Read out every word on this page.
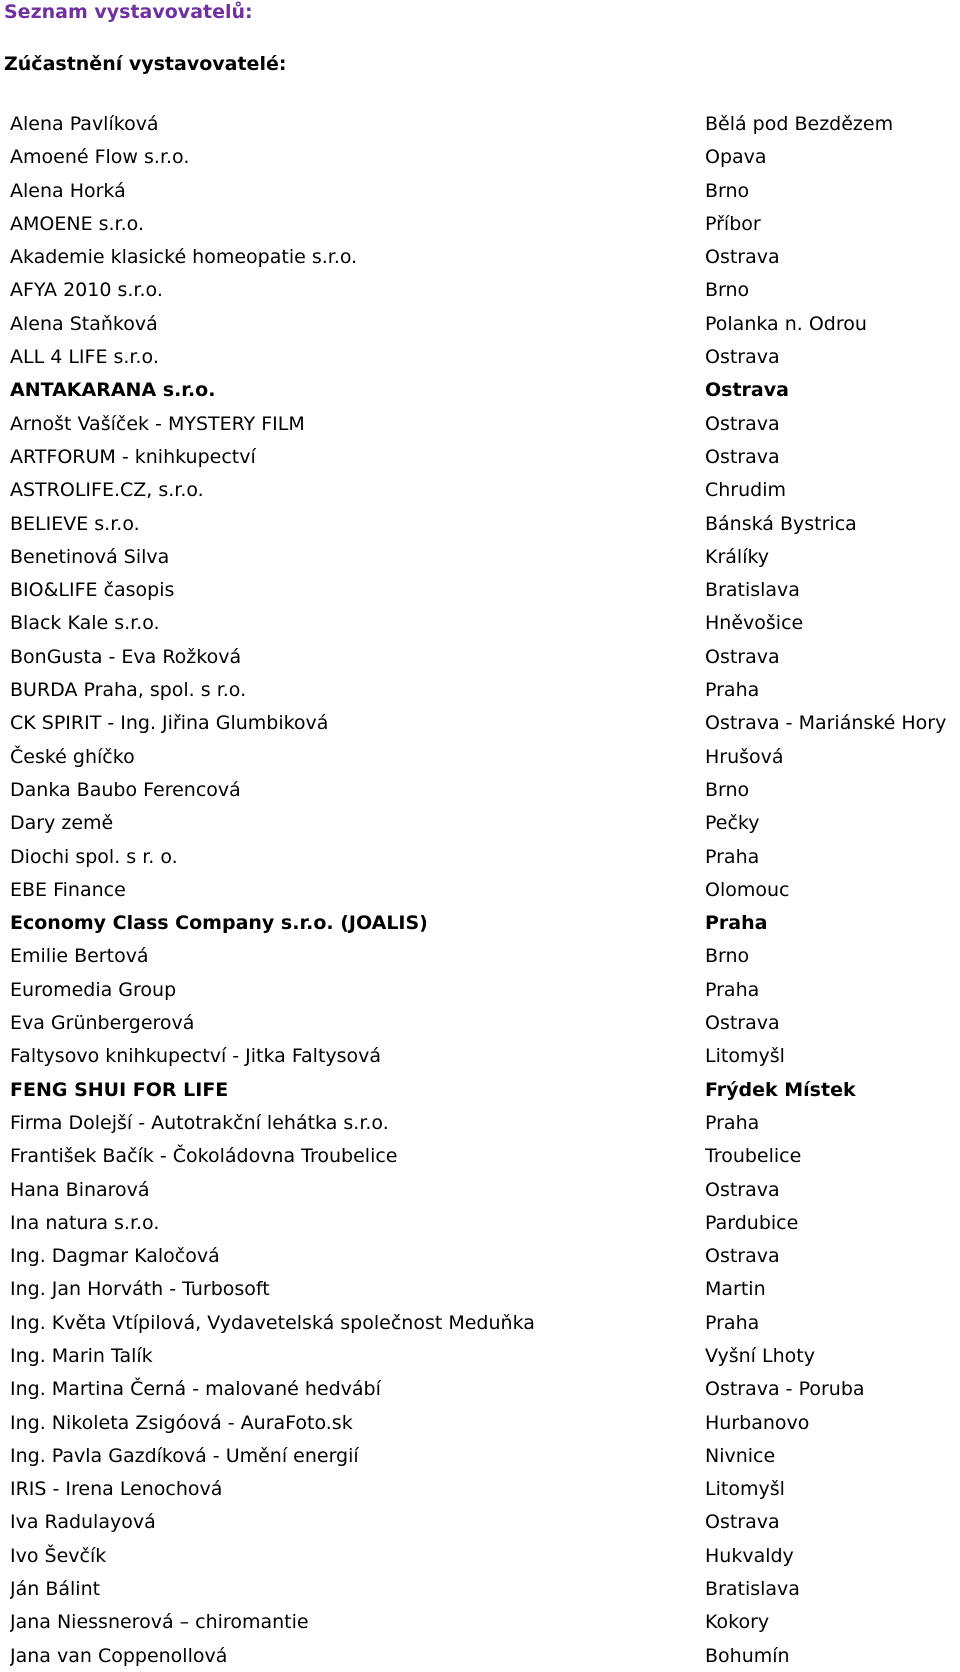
Seznam vystavovatelů:
Zúčastnění vystavovatelé:
Alena Pavlíková	Bělá pod Bezdězem
Amoené Flow s.r.o.	Opava
Alena Horká	Brno
AMOENE s.r.o.	Příbor
Akademie klasické homeopatie s.r.o.	Ostrava
AFYA 2010 s.r.o.	Brno
Alena Staňková	Polanka n. Odrou
ALL 4 LIFE s.r.o.	Ostrava
ANTAKARANA s.r.o.	Ostrava
Arnošt Vašíček - MYSTERY FILM	Ostrava
ARTFORUM - knihkupectví	Ostrava
ASTROLIFE.CZ, s.r.o.	Chrudim
BELIEVE s.r.o.	Bánská Bystrica
Benetinová Silva	Králíky
BIO&LIFE časopis	Bratislava
Black Kale s.r.o.	Hněvošice
BonGusta - Eva Rožková	Ostrava
BURDA Praha, spol. s r.o.	Praha
CK SPIRIT - Ing. Jiřina Glumbiková	Ostrava - Mariánské Hory
České ghíčko	Hrušová
Danka Baubo Ferencová	Brno
Dary země	Pečky
Diochi spol. s r. o.	Praha
EBE Finance	Olomouc
Economy Class Company s.r.o. (JOALIS)	Praha
Emilie Bertová	Brno
Euromedia Group	Praha
Eva Grünbergerová	Ostrava
Faltysovo knihkupectví - Jitka Faltysová	Litomyšl
FENG SHUI FOR LIFE	Frýdek Místek
Firma Dolejší - Autotrakční lehátka s.r.o.	Praha
František Bačík - Čokoládovna Troubelice	Troubelice
Hana Binarová	Ostrava
Ina natura s.r.o.	Pardubice
Ing. Dagmar Kaločová	Ostrava
Ing. Jan Horváth - Turbosoft	Martin
Ing. Květa Vtípilová, Vydavetelská společnost Meduňka	Praha
Ing. Marin Talík	Vyšní Lhoty
Ing. Martina Černá - malované hedvábí	Ostrava - Poruba
Ing. Nikoleta Zsigóová - AuraFoto.sk	Hurbanovo
Ing. Pavla Gazdíková - Umění energií	Nivnice
IRIS - Irena Lenochová	Litomyšl
Iva Radulayová	Ostrava
Ivo Ševčík	Hukvaldy
Ján Bálint	Bratislava
Jana Niessnerová – chiromantie	Kokory
Jana van Coppenollová	Bohumín
